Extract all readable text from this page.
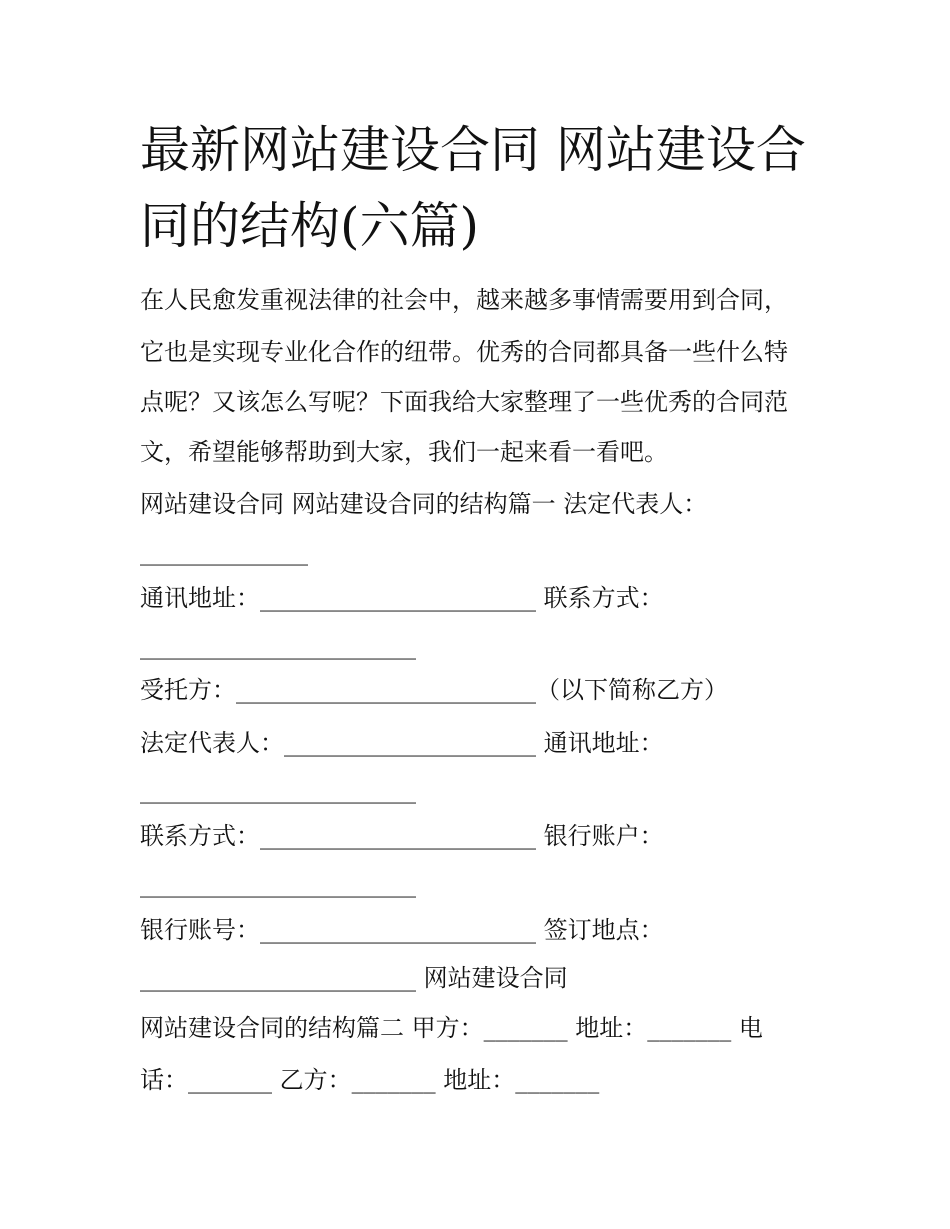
最新网站建设合同 网站建设合同的结构(六篇)
在人民愈发重视法律的社会中，越来越多事情需要用到合同，
它也是实现专业化合作的纽带。优秀的合同都具备一些什么特
点呢？又该怎么写呢？下面我给大家整理了一些优秀的合同范
文，希望能够帮助到大家，我们一起来看一看吧。
网站建设合同 网站建设合同的结构篇一 法定代表人：
______________
通讯地址：_______________________ 联系方式：
_______________________
受托方：_________________________（以下简称乙方）
法定代表人：_____________________ 通讯地址：
_______________________
联系方式：_______________________ 银行账户：
_______________________
银行账号：_______________________ 签订地点：
_______________________ 网站建设合同
网站建设合同的结构篇二 甲方：_______ 地址：_______ 电
话：_______ 乙方：_______ 地址：_______
